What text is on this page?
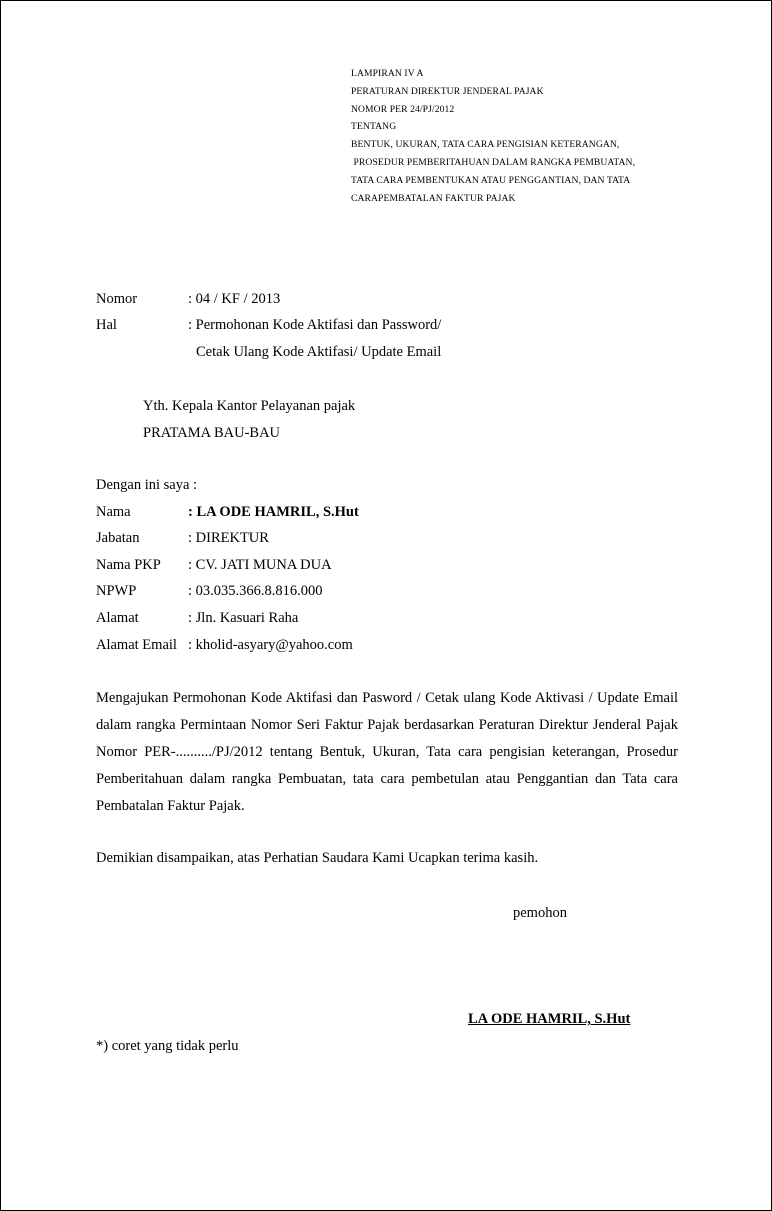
LAMPIRAN IV A
PERATURAN DIREKTUR JENDERAL PAJAK
NOMOR PER 24/PJ/2012
TENTANG
BENTUK, UKURAN, TATA CARA PENGISIAN KETERANGAN,
PROSEDUR PEMBERITAHUAN DALAM RANGKA PEMBUATAN,
TATA CARA PEMBENTUKAN ATAU PENGGANTIAN, DAN TATA
CARAPEMBATALAN FAKTUR PAJAK
Nomor	: 04 / KF / 2013
Hal	: Permohonan Kode Aktifasi dan Password/
Cetak Ulang Kode Aktifasi/ Update Email
Yth. Kepala Kantor Pelayanan pajak
PRATAMA BAU-BAU
Dengan ini saya :
Nama	: LA ODE HAMRIL, S.Hut
Jabatan	: DIREKTUR
Nama PKP : CV. JATI MUNA DUA
NPWP	: 03.035.366.8.816.000
Alamat	: Jln. Kasuari Raha
Alamat Email : kholid-asyary@yahoo.com
Mengajukan Permohonan Kode Aktifasi dan Pasword / Cetak ulang Kode Aktivasi / Update Email dalam rangka Permintaan Nomor Seri Faktur Pajak berdasarkan Peraturan Direktur Jenderal Pajak Nomor PER-........../PJ/2012 tentang Bentuk, Ukuran, Tata cara pengisian keterangan, Prosedur Pemberitahuan dalam rangka Pembuatan, tata cara pembetulan atau Penggantian dan Tata cara Pembatalan Faktur Pajak.
Demikian disampaikan, atas Perhatian Saudara Kami Ucapkan terima kasih.
pemohon
LA ODE HAMRIL, S.Hut
*) coret yang tidak perlu
